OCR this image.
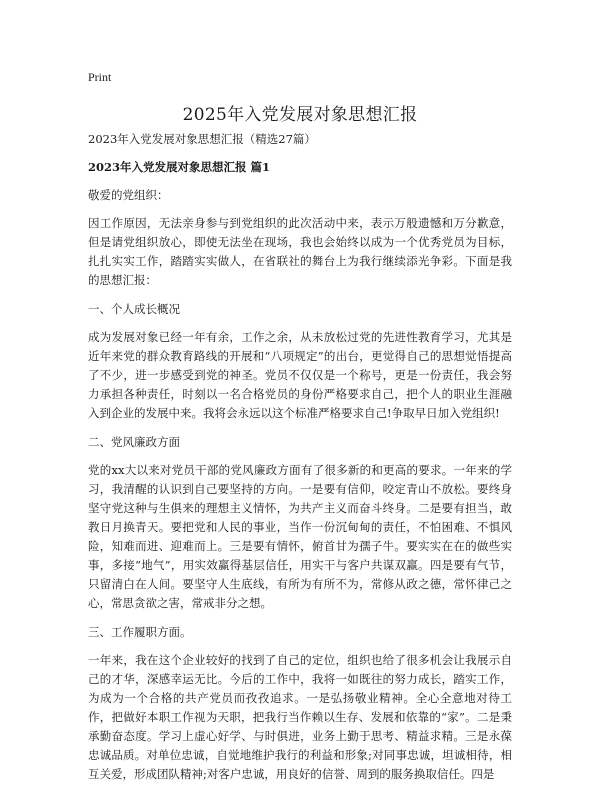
Print
2025年入党发展对象思想汇报

2023年入党发展对象思想汇报（精选27篇）

2023年入党发展对象思想汇报 篇1

敬爱的党组织：

因工作原因，无法亲身参与到党组织的此次活动中来，表示万般遗憾和万分歉意，但是请党组织放心，即使无法坐在现场，我也会始终以成为一个优秀党员为目标，扎扎实实工作，踏踏实实做人，在省联社的舞台上为我行继续添光争彩。下面是我的思想汇报：

一、个人成长概况

成为发展对象已经一年有余，工作之余，从未放松过党的先进性教育学习，尤其是近年来党的群众教育路线的开展和“八项规定”的出台，更觉得自己的思想觉悟提高了不少，进一步感受到党的神圣。党员不仅仅是一个称号，更是一份责任，我会努力承担各种责任，时刻以一名合格党员的身份严格要求自己，把个人的职业生涯融入到企业的发展中来。我将会永远以这个标准严格要求自己!争取早日加入党组织!

二、党风廉政方面

党的xx大以来对党员干部的党风廉政方面有了很多新的和更高的要求。一年来的学习，我清醒的认识到自己要坚持的方向。一是要有信仰，咬定青山不放松。要终身坚守党这种与生俱来的理想主义情怀，为共产主义而奋斗终身。二是要有担当，敢教日月换青天。要把党和人民的事业，当作一份沉甸甸的责任，不怕困难、不惧风险，知难而进、迎难而上。三是要有情怀，俯首甘为孺子牛。要实实在在的做些实事，多接“地气”，用实效赢得基层信任，用实干与客户共谋双赢。四是要有气节，只留清白在人间。要坚守人生底线，有所为有所不为，常修从政之德，常怀律己之心，常思贪欲之害，常戒非分之想。

三、工作履职方面。

一年来，我在这个企业较好的找到了自己的定位，组织也给了很多机会让我展示自己的才华，深感幸运无比。今后的工作中，我将一如既往的努力成长，踏实工作，为成为一个合格的共产党员而孜孜追求。一是弘扬敬业精神。全心全意地对待工作，把做好本职工作视为天职，把我行当作赖以生存、发展和依靠的“家”。二是秉承勤奋态度。学习上虚心好学、与时俱进，业务上勤于思考、精益求精。三是永葆忠诚品质。对单位忠诚，自觉地维护我行的利益和形象;对同事忠诚，坦诚相待，相互关爱，形成团队精神;对客户忠诚，用良好的信誉、周到的服务换取信任。四是
